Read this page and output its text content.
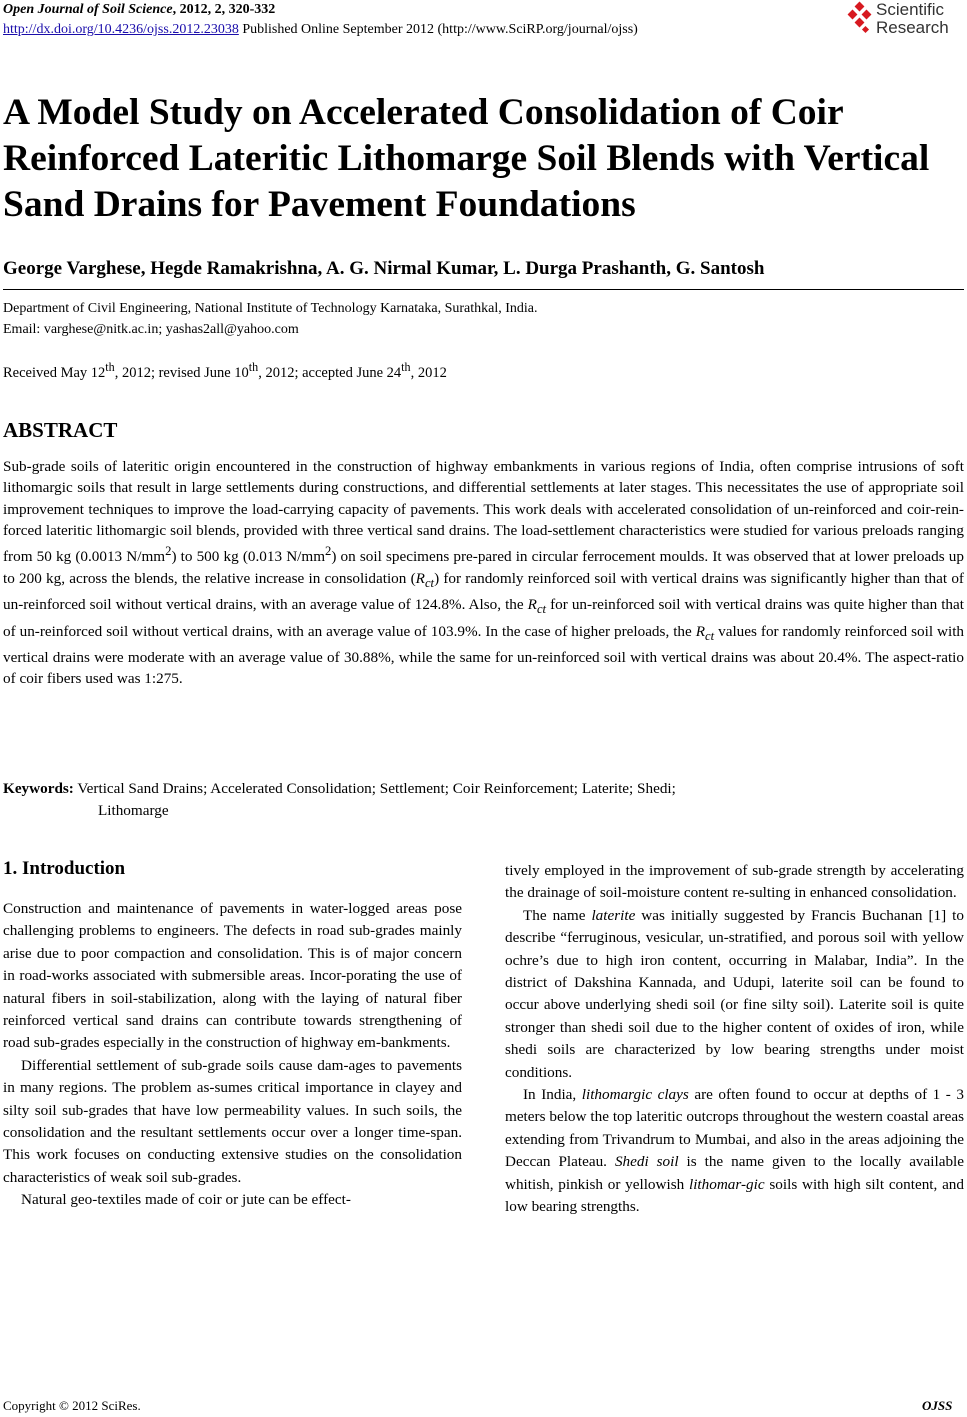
Open Journal of Soil Science, 2012, 2, 320-332
http://dx.doi.org/10.4236/ojss.2012.23038 Published Online September 2012 (http://www.SciRP.org/journal/ojss)
Scientific
Research
A Model Study on Accelerated Consolidation of Coir Reinforced Lateritic Lithomarge Soil Blends with Vertical Sand Drains for Pavement Foundations
George Varghese, Hegde Ramakrishna, A. G. Nirmal Kumar, L. Durga Prashanth, G. Santosh
Department of Civil Engineering, National Institute of Technology Karnataka, Surathkal, India.
Email: varghese@nitk.ac.in; yashas2all@yahoo.com
Received May 12th, 2012; revised June 10th, 2012; accepted June 24th, 2012
ABSTRACT
Sub-grade soils of lateritic origin encountered in the construction of highway embankments in various regions of India, often comprise intrusions of soft lithomargic soils that result in large settlements during constructions, and differential settlements at later stages. This necessitates the use of appropriate soil improvement techniques to improve the load-carrying capacity of pavements. This work deals with accelerated consolidation of un-reinforced and coir-rein-forced lateritic lithomargic soil blends, provided with three vertical sand drains. The load-settlement characteristics were studied for various preloads ranging from 50 kg (0.0013 $N/mm^2$) to 500 kg (0.013 $N/mm^2$) on soil specimens pre-pared in circular ferrocement moulds. It was observed that at lower preloads up to 200 kg, across the blends, the relative increase in consolidation $(R_{ct})$ for randomly reinforced soil with vertical drains was significantly higher than that of un-reinforced soil without vertical drains, with an average value of 124.8%. Also, the $R_{ct}$ for un-reinforced soil with vertical drains was quite higher than that of un-reinforced soil without vertical drains, with an average value of 103.9%. In the case of higher preloads, the $R_{ct}$ values for randomly reinforced soil with vertical drains were moderate with an average value of 30.88%, while the same for un-reinforced soil with vertical drains was about 20.4%. The aspect-ratio of coir fibers used was 1:275.
Keywords: Vertical Sand Drains; Accelerated Consolidation; Settlement; Coir Reinforcement; Laterite; Shedi;
Lithomarge
1. Introduction

Construction and maintenance of pavements in water-logged areas pose challenging problems to engineers. The defects in road sub-grades mainly arise due to poor compaction and consolidation. This is of major concern in road-works associated with submersible areas. Incor-porating the use of natural fibers in soil-stabilization, along with the laying of natural fiber reinforced vertical sand drains can contribute towards strengthening of road sub-grades especially in the construction of highway em-bankments.

Differential settlement of sub-grade soils cause dam-ages to pavements in many regions. The problem as-sumes critical importance in clayey and silty soil sub-grades that have low permeability values. In such soils, the consolidation and the resultant settlements occur over a longer time-span. This work focuses on conducting extensive studies on the consolidation characteristics of weak soil sub-grades.

Natural geo-textiles made of coir or jute can be effect-

tively employed in the improvement of sub-grade strength by accelerating the drainage of soil-moisture content re-sulting in enhanced consolidation.

The name laterite was initially suggested by Francis Buchanan [1] to describe “ferruginous, vesicular, un-stratified, and porous soil with yellow ochre’s due to high iron content, occurring in Malabar, India”. In the district of Dakshina Kannada, and Udupi, laterite soil can be found to occur above underlying shedi soil (or fine silty soil). Laterite soil is quite stronger than shedi soil due to the higher content of oxides of iron, while shedi soils are characterized by low bearing strengths under moist conditions.

In India, lithomargic clays are often found to occur at depths of 1 - 3 meters below the top lateritic outcrops throughout the western coastal areas extending from Trivandrum to Mumbai, and also in the areas adjoining the Deccan Plateau. Shedi soil is the name given to the locally available whitish, pinkish or yellowish lithomar-gic soils with high silt content, and low bearing strengths.

Copyright © 2012 SciRes.	OJSS
